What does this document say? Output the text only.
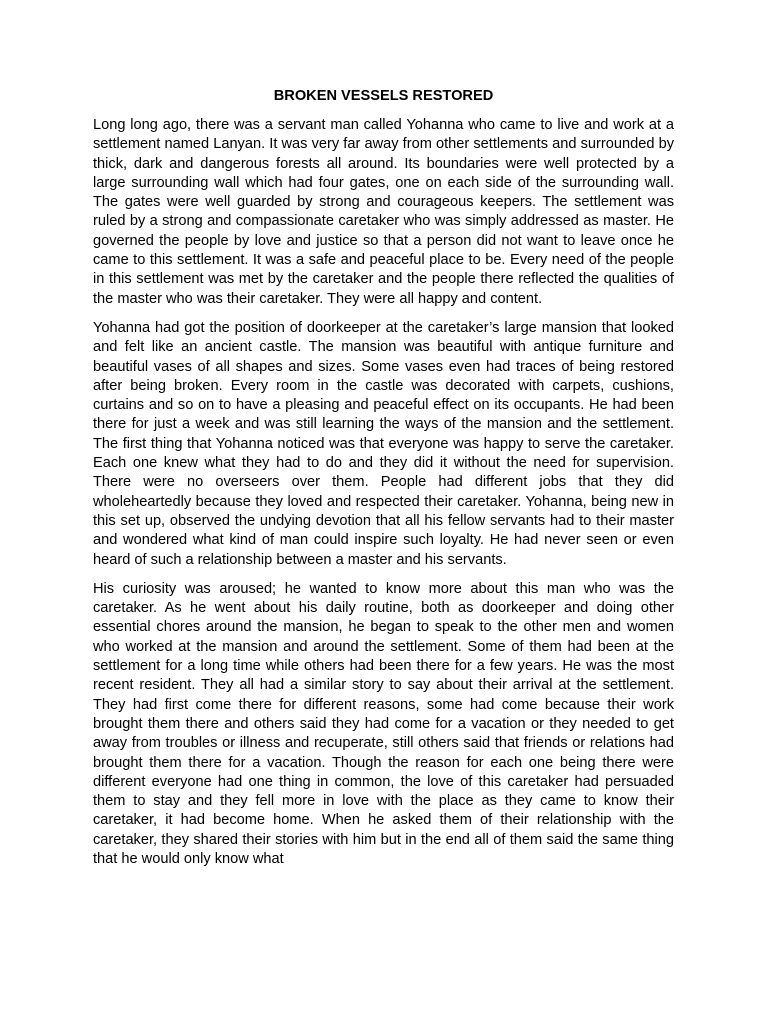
BROKEN VESSELS RESTORED

Long long ago, there was a servant man called Yohanna who came to live and work at a settlement named Lanyan. It was very far away from other settlements and surrounded by thick, dark and dangerous forests all around. Its boundaries were well protected by a large surrounding wall which had four gates, one on each side of the surrounding wall. The gates were well guarded by strong and courageous keepers. The settlement was ruled by a strong and compassionate caretaker who was simply addressed as master. He governed the people by love and justice so that a person did not want to leave once he came to this settlement. It was a safe and peaceful place to be. Every need of the people in this settlement was met by the caretaker and the people there reflected the qualities of the master who was their caretaker. They were all happy and content.

Yohanna had got the position of doorkeeper at the caretaker’s large mansion that looked and felt like an ancient castle. The mansion was beautiful with antique furniture and beautiful vases of all shapes and sizes. Some vases even had traces of being restored after being broken. Every room in the castle was decorated with carpets, cushions, curtains and so on to have a pleasing and peaceful effect on its occupants. He had been there for just a week and was still learning the ways of the mansion and the settlement. The first thing that Yohanna noticed was that everyone was happy to serve the caretaker. Each one knew what they had to do and they did it without the need for supervision. There were no overseers over them. People had different jobs that they did wholeheartedly because they loved and respected their caretaker. Yohanna, being new in this set up, observed the undying devotion that all his fellow servants had to their master and wondered what kind of man could inspire such loyalty. He had never seen or even heard of such a relationship between a master and his servants.

His curiosity was aroused; he wanted to know more about this man who was the caretaker. As he went about his daily routine, both as doorkeeper and doing other essential chores around the mansion, he began to speak to the other men and women who worked at the mansion and around the settlement. Some of them had been at the settlement for a long time while others had been there for a few years. He was the most recent resident. They all had a similar story to say about their arrival at the settlement. They had first come there for different reasons, some had come because their work brought them there and others said they had come for a vacation or they needed to get away from troubles or illness and recuperate, still others said that friends or relations had brought them there for a vacation. Though the reason for each one being there were different everyone had one thing in common, the love of this caretaker had persuaded them to stay and they fell more in love with the place as they came to know their caretaker, it had become home. When he asked them of their relationship with the caretaker, they shared their stories with him but in the end all of them said the same thing that he would only know what
